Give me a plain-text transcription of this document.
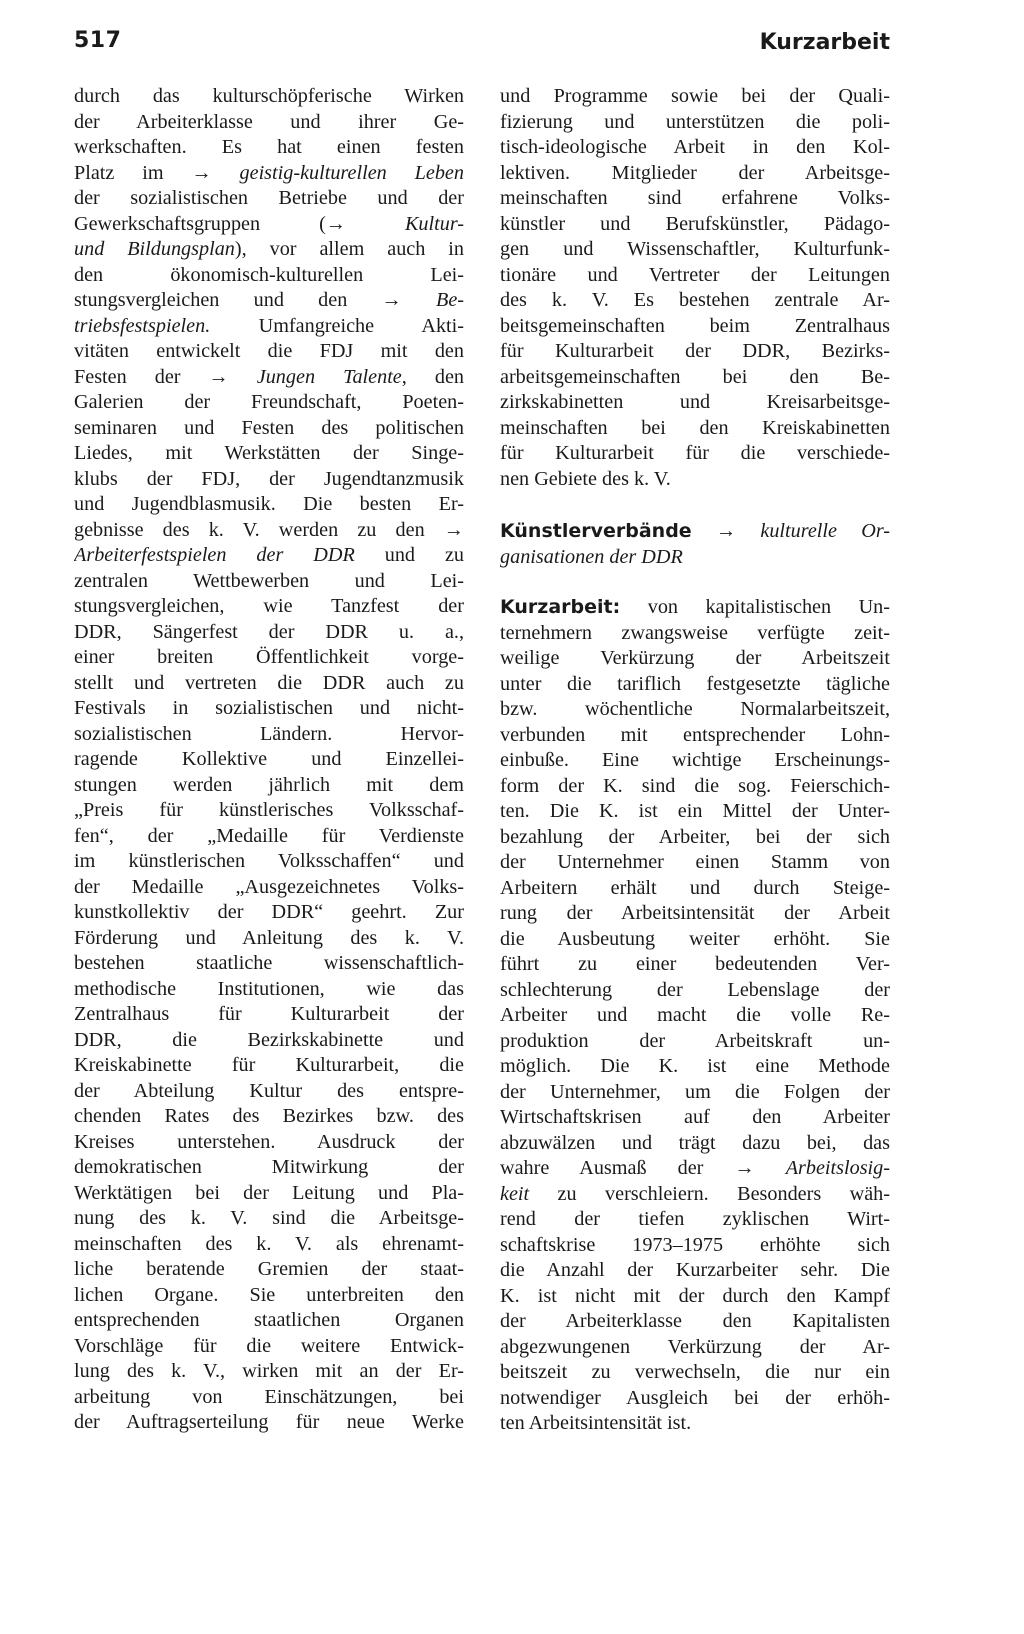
517	Kurzarbeit
durch das kulturschöpferische Wirken
der Arbeiterklasse und ihrer Ge-
werkschaften. Es hat einen festen
Platz im → geistig-kulturellen Leben
der sozialistischen Betriebe und der
Gewerkschaftsgruppen (→ Kultur-
und Bildungsplan), vor allem auch in
den ökonomisch-kulturellen Lei-
stungsvergleichen und den → Be-
triebsfestspielen. Umfangreiche Akti-
vitäten entwickelt die FDJ mit den
Festen der → Jungen Talente, den
Galerien der Freundschaft, Poeten-
seminaren und Festen des politischen
Liedes, mit Werkstätten der Singe-
klubs der FDJ, der Jugendtanzmusik
und Jugendblasmusik. Die besten Er-
gebnisse des k. V. werden zu den →
Arbeiterfestspielen der DDR und zu
zentralen Wettbewerben und Lei-
stungsvergleichen, wie Tanzfest der
DDR, Sängerfest der DDR u. a.,
einer breiten Öffentlichkeit vorge-
stellt und vertreten die DDR auch zu
Festivals in sozialistischen und nicht-
sozialistischen Ländern. Hervor-
ragende Kollektive und Einzellei-
stungen werden jährlich mit dem
„Preis für künstlerisches Volksschaf-
fen“, der „Medaille für Verdienste
im künstlerischen Volksschaffen“ und
der Medaille „Ausgezeichnetes Volks-
kunstkollektiv der DDR“ geehrt. Zur
Förderung und Anleitung des k. V.
bestehen staatliche wissenschaftlich-
methodische Institutionen, wie das
Zentralhaus für Kulturarbeit der
DDR, die Bezirkskabinette und
Kreiskabinette für Kulturarbeit, die
der Abteilung Kultur des entspre-
chenden Rates des Bezirkes bzw. des
Kreises unterstehen. Ausdruck der
demokratischen Mitwirkung der
Werktätigen bei der Leitung und Pla-
nung des k. V. sind die Arbeitsge-
meinschaften des k. V. als ehrenamt-
liche beratende Gremien der staat-
lichen Organe. Sie unterbreiten den
entsprechenden staatlichen Organen
Vorschläge für die weitere Entwick-
lung des k. V., wirken mit an der Er-
arbeitung von Einschätzungen, bei
der Auftragserteilung für neue Werke
und Programme sowie bei der Quali-
fizierung und unterstützen die poli-
tisch-ideologische Arbeit in den Kol-
lektiven. Mitglieder der Arbeitsge-
meinschaften sind erfahrene Volks-
künstler und Berufskünstler, Pädago-
gen und Wissenschaftler, Kulturfunk-
tionäre und Vertreter der Leitungen
des k. V. Es bestehen zentrale Ar-
beitsgemeinschaften beim Zentralhaus
für Kulturarbeit der DDR, Bezirks-
arbeitsgemeinschaften bei den Be-
zirkskabinetten und Kreisarbeitsge-
meinschaften bei den Kreiskabinetten
für Kulturarbeit für die verschiede-
nen Gebiete des k. V.
Künstlerverbände → kulturelle Or-
ganisationen der DDR
Kurzarbeit: von kapitalistischen Un-
ternehmern zwangsweise verfügte zeit-
weilige Verkürzung der Arbeitszeit
unter die tariflich festgesetzte tägliche
bzw. wöchentliche Normalarbeitszeit,
verbunden mit entsprechender Lohn-
einbuße. Eine wichtige Erscheinungs-
form der K. sind die sog. Feierschich-
ten. Die K. ist ein Mittel der Unter-
bezahlung der Arbeiter, bei der sich
der Unternehmer einen Stamm von
Arbeitern erhält und durch Steige-
rung der Arbeitsintensität der Arbeit
die Ausbeutung weiter erhöht. Sie
führt zu einer bedeutenden Ver-
schlechterung der Lebenslage der
Arbeiter und macht die volle Re-
produktion der Arbeitskraft un-
möglich. Die K. ist eine Methode
der Unternehmer, um die Folgen der
Wirtschaftskrisen auf den Arbeiter
abzuwälzen und trägt dazu bei, das
wahre Ausmaß der → Arbeitslosig-
keit zu verschleiern. Besonders wäh-
rend der tiefen zyklischen Wirt-
schaftskrise 1973–1975 erhöhte sich
die Anzahl der Kurzarbeiter sehr. Die
K. ist nicht mit der durch den Kampf
der Arbeiterklasse den Kapitalisten
abgezwungenen Verkürzung der Ar-
beitszeit zu verwechseln, die nur ein
notwendiger Ausgleich bei der erhöh-
ten Arbeitsintensität ist.
